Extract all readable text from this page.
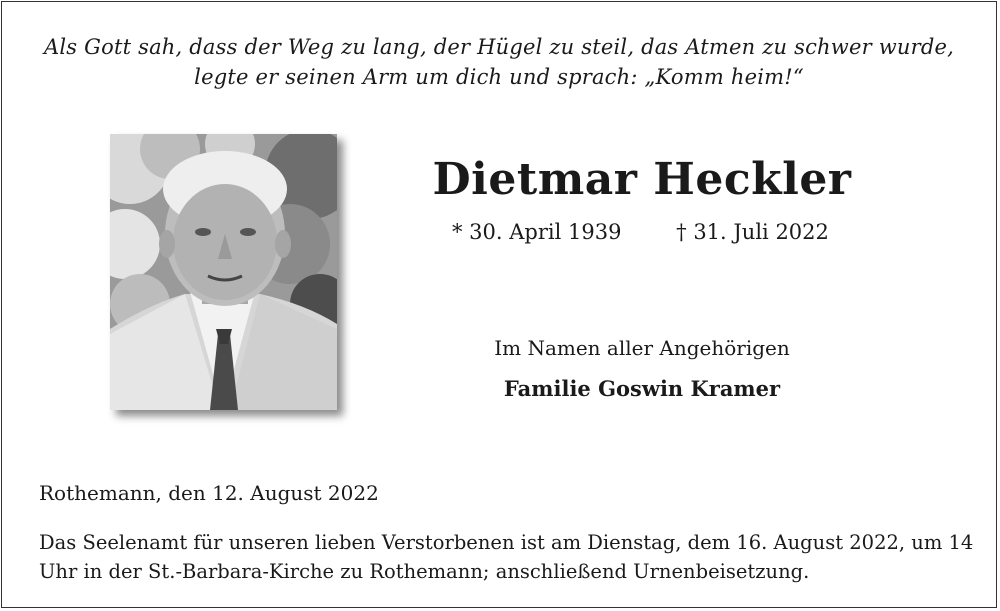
Als Gott sah, dass der Weg zu lang, der Hügel zu steil, das Atmen zu schwer wurde,
legte er seinen Arm um dich und sprach: „Komm heim!“
Dietmar Heckler
* 30. April 1939	† 31. Juli 2022
Im Namen aller Angehörigen
Familie Goswin Kramer
Rothemann, den 12. August 2022
Das Seelenamt für unseren lieben Verstorbenen ist am Dienstag, dem 16. August 2022, um 14 Uhr in der St.-Barbara-Kirche zu Rothemann; anschließend Urnenbeisetzung.
